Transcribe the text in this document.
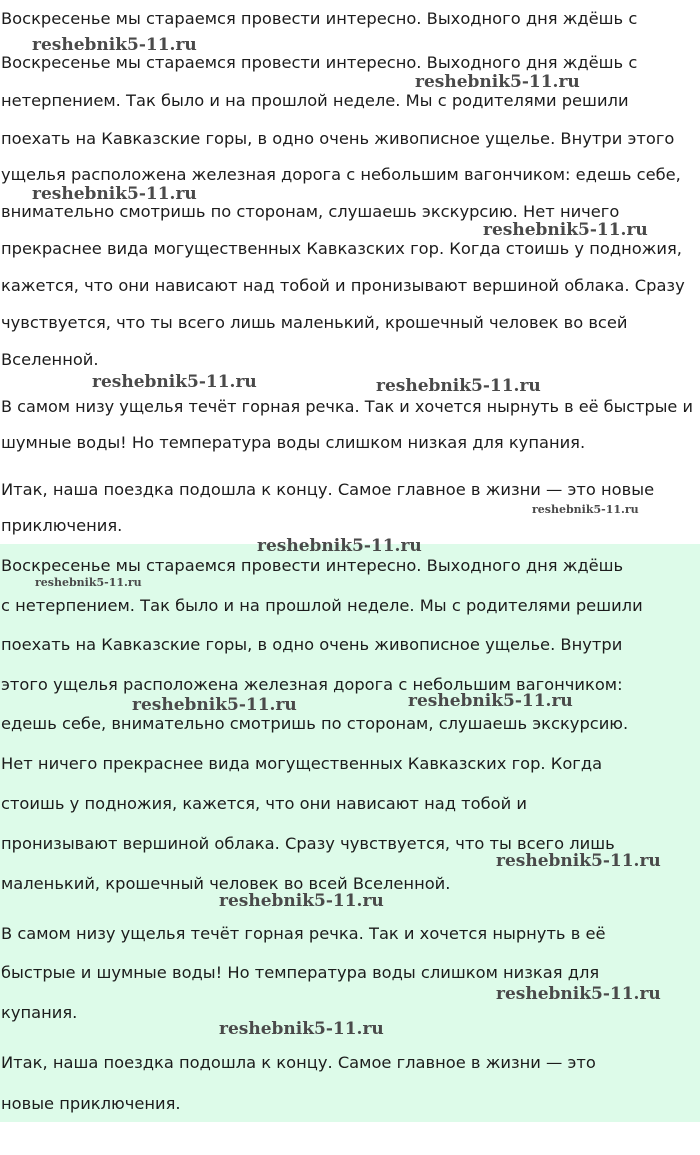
Воскресенье мы стараемся провести интересно. Выходного дня ждёшь с

Воскресенье мы стараемся провести интересно. Выходного дня ждёшь с

нетерпением. Так было и на прошлой неделе. Мы с родителями решили

поехать на Кавказские горы, в одно очень живописное ущелье. Внутри этого

ущелья расположена железная дорога с небольшим вагончиком: едешь себе,

внимательно смотришь по сторонам, слушаешь экскурсию. Нет ничего

прекраснее вида могущественных Кавказских гор. Когда стоишь у подножия,

кажется, что они нависают над тобой и пронизывают вершиной облака. Сразу

чувствуется, что ты всего лишь маленький, крошечный человек во всей

Вселенной.

В самом низу ущелья течёт горная речка. Так и хочется нырнуть в её быстрые и

шумные воды! Но температура воды слишком низкая для купания.

Итак, наша поездка подошла к концу. Самое главное в жизни — это новые

приключения.

Воскресенье мы стараемся провести интересно. Выходного дня ждёшь

с нетерпением. Так было и на прошлой неделе. Мы с родителями решили

поехать на Кавказские горы, в одно очень живописное ущелье. Внутри

этого ущелья расположена железная дорога с небольшим вагончиком:

едешь себе, внимательно смотришь по сторонам, слушаешь экскурсию.

Нет ничего прекраснее вида могущественных Кавказских гор. Когда

стоишь у подножия, кажется, что они нависают над тобой и

пронизывают вершиной облака. Сразу чувствуется, что ты всего лишь

маленький, крошечный человек во всей Вселенной.

В самом низу ущелья течёт горная речка. Так и хочется нырнуть в её

быстрые и шумные воды! Но температура воды слишком низкая для

купания.

Итак, наша поездка подошла к концу. Самое главное в жизни — это

новые приключения.

reshebnik5-11.ru
reshebnik5-11.ru
reshebnik5-11.ru
reshebnik5-11.ru
reshebnik5-11.ru	reshebnik5-11.ru
reshebnik5-11.ru
reshebnik5-11.ru
reshebnik5-11.ru
reshebnik5-11.ru	reshebnik5-11.ru
reshebnik5-11.ru
reshebnik5-11.ru
reshebnik5-11.ru
reshebnik5-11.ru
